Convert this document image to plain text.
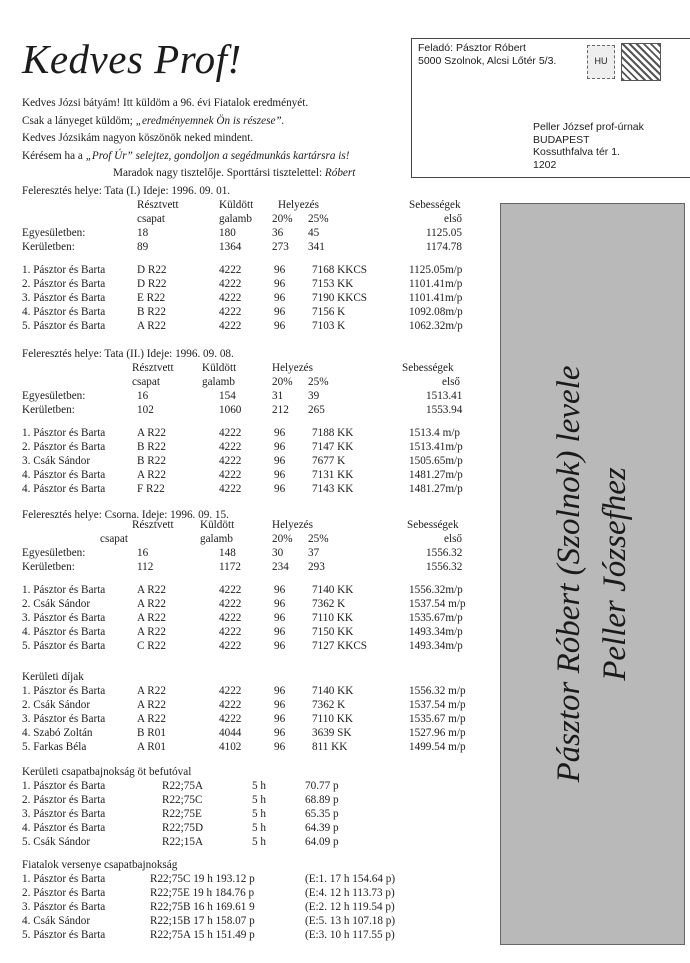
Kedves Prof!
Kedves Józsi bátyám! Itt küldöm a 96. évi Fiatalok eredményét.
Csak a lányeget küldöm; „eredményemnek Ön is részese”.
Kedves Józsikám nagyon köszönök neked mindent.
Kérésem ha a „Prof Úr” selejtez, gondoljon a segédmunkás kartársra is!
Maradok nagy tisztelője. Sporttársi tisztelettel: Róbert
Feladó: Pásztor Róbert
5000 Szolnok, Alcsi Lőtér 5/3.	HU
Peller József prof-úrnak
BUDAPEST
Kossuthfalva tér 1.
1202
Pásztor Róbert (Szolnok) levele Peller Józsefhez
Feleresztés helye: Tata (I.) Ideje: 1996. 09. 01.
Résztvett	Küldött Helyezés	Sebességek
csapat	galamb 20% 25%	első
Egyesületben:	18	180	36 45	1125.05
Kerületben:	89	1364	273 341	1174.78
1. Pásztor és Barta	D R22	4222	96 7168 KKCS	1125.05m/p
2. Pásztor és Barta	D R22	4222	96 7153 KK	1101.41m/p
3. Pásztor és Barta	E R22	4222	96 7190 KKCS	1101.41m/p
4. Pásztor és Barta	B R22	4222	96 7156 K	1092.08m/p
5. Pásztor és Barta	A R22	4222	96 7103 K	1062.32m/p
Feleresztés helye: Tata (II.) Ideje: 1996. 09. 08.
Résztvett	Küldött	Helyezés	Sebességek
csapat	galamb	20% 25%	első
Egyesületben:	16	154	31 39	1513.41
Kerületben:	102	1060	212 265	1553.94
1. Pásztor és Barta	A R22	4222	96 7188 KK	1513.4 m/p
2. Pásztor és Barta	B R22	4222	96 7147 KK	1513.41m/p
3. Csák Sándor	B R22	4222	96 7677 K	1505.65m/p
4. Pásztor és Barta	A R22	4222	96 7131 KK	1481.27m/p
4. Pásztor és Barta	F R22	4222	96 7143 KK	1481.27m/p
Feleresztés helye: Csorna. Ideje: 1996. 09. 15.
Résztvett Küldött	Helyezés	Sebességek
csapat	galamb	20% 25%	első
Egyesületben:	16	148	30 37	1556.32
Kerületben:	112	1172	234 293	1556.32
1. Pásztor és Barta	A R22	4222	96 7140 KK	1556.32m/p
2. Csák Sándor	A R22	4222	96 7362 K	1537.54 m/p
3. Pásztor és Barta	A R22	4222	96 7110 KK	1535.67m/p
4. Pásztor és Barta	A R22	4222	96 7150 KK	1493.34m/p
5. Pásztor és Barta	C R22	4222	96 7127 KKCS	1493.34m/p
Kerületi díjak
1. Pásztor és Barta	A R22	4222	96 7140 KK	1556.32 m/p
2. Csák Sándor	A R22	4222	96 7362 K	1537.54 m/p
3. Pásztor és Barta	A R22	4222	96 7110 KK	1535.67 m/p
4. Szabó Zoltán	B R01	4044	96 3639 SK	1527.96 m/p
5. Farkas Béla	A R01	4102	96 811 KK	1499.54 m/p
Kerületi csapatbajnokság öt befutóval
1. Pásztor és Barta	R22;75A	5 h	70.77 p
2. Pásztor és Barta	R22;75C	5 h	68.89 p
3. Pásztor és Barta	R22;75E	5 h	65.35 p
4. Pásztor és Barta	R22;75D	5 h	64.39 p
5. Csák Sándor	R22;15A	5 h	64.09 p
Fiatalok versenye csapatbajnokság
1. Pásztor és Barta	R22;75C 19 h 193.12 p	(E:1. 17 h 154.64 p)
2. Pásztor és Barta	R22;75E 19 h 184.76 p	(E:4. 12 h 113.73 p)
3. Pásztor és Barta	R22;75B 16 h 169.61 9	(E:2. 12 h 119.54 p)
4. Csák Sándor	R22;15B 17 h 158.07 p	(E:5. 13 h 107.18 p)
5. Pásztor és Barta	R22;75A 15 h 151.49 p	(E:3. 10 h 117.55 p)
